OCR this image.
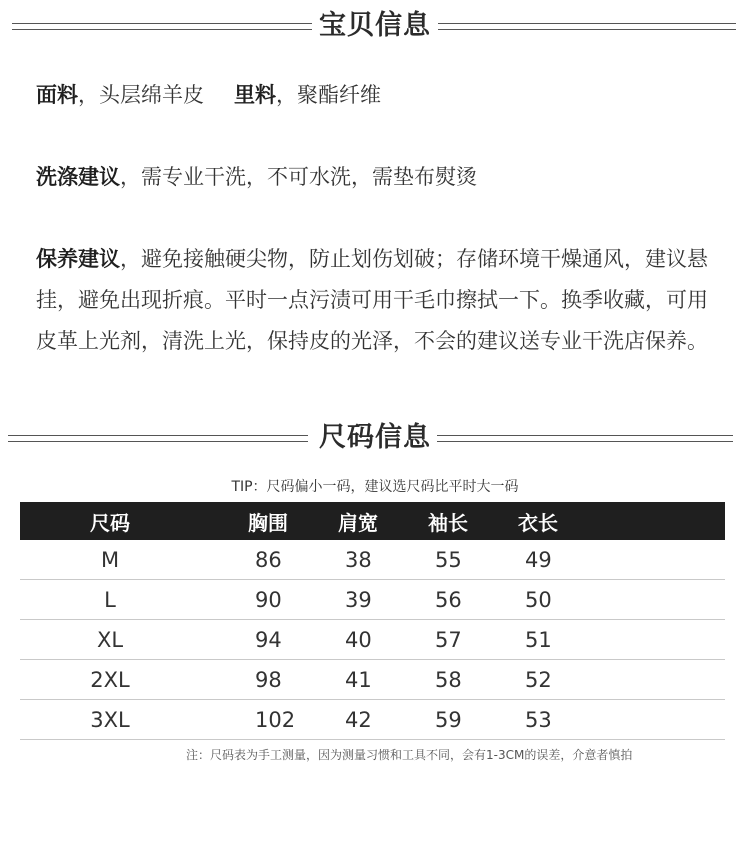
宝贝信息
面料，头层绵羊皮 里料，聚酯纤维
洗涤建议，需专业干洗，不可水洗，需垫布熨烫
保养建议，避免接触硬尖物，防止划伤划破；存储环境干燥通风，建议悬挂，避免出现折痕。平时一点污渍可用干毛巾擦拭一下。换季收藏，可用皮革上光剂，清洗上光，保持皮的光泽，不会的建议送专业干洗店保养。
尺码信息
TIP：尺码偏小一码，建议选尺码比平时大一码
尺码	胸围	肩宽	袖长	衣长
M	86	38	55	49
L	90	39	56	50
XL	94	40	57	51
2XL	98	41	58	52
3XL	102	42	59	53
注：尺码表为手工测量，因为测量习惯和工具不同，会有1-3CM的误差，介意者慎拍
